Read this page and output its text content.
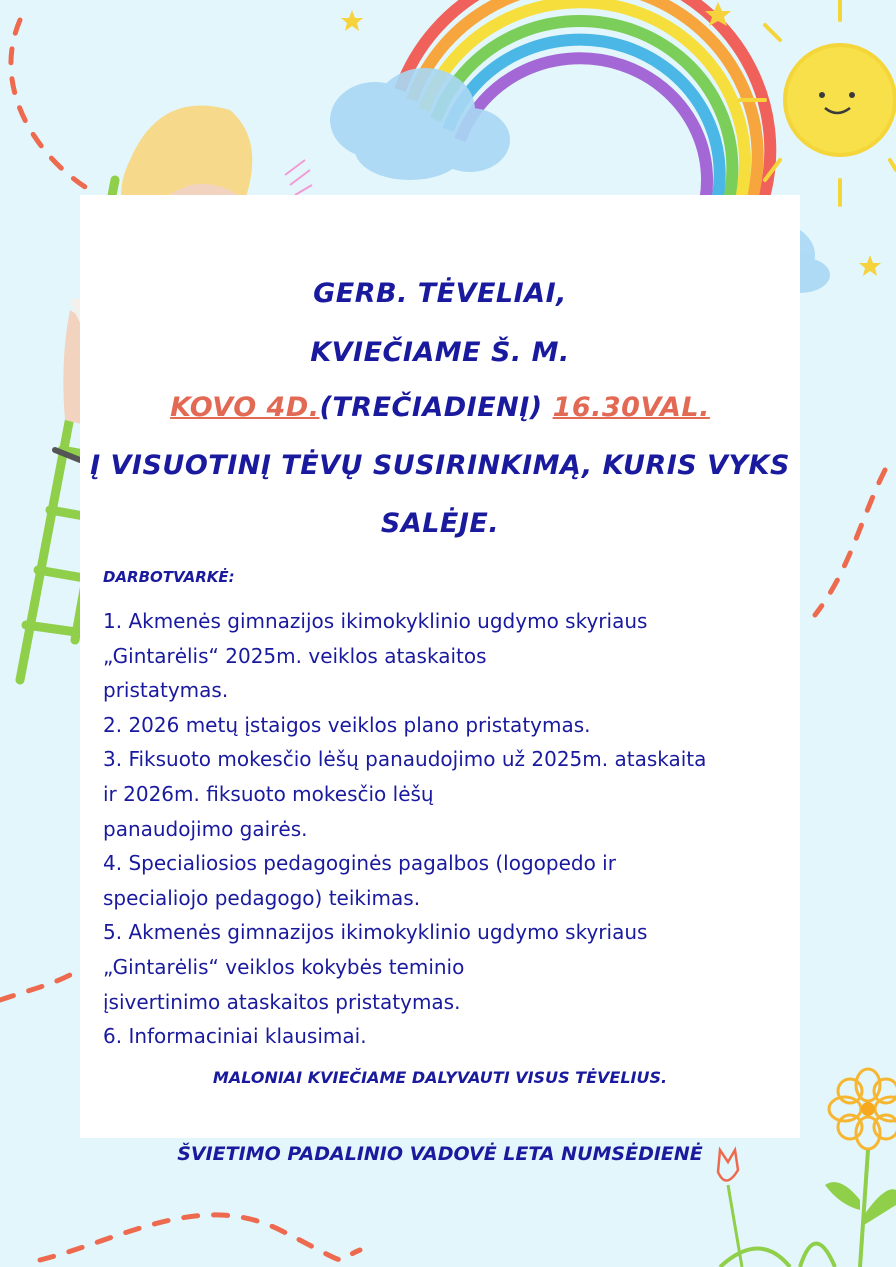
GERB. TĖVELIAI,
KVIEČIAME Š. M.
KOVO 4D.(TREČIADIENĮ) 16.30VAL.
Į VISUOTINĮ TĖVŲ SUSIRINKIMĄ, KURIS VYKS
SALĖJE.
DARBOTVARKĖ:
1. Akmenės gimnazijos ikimokyklinio ugdymo skyriaus
„Gintarėlis“ 2025m. veiklos ataskaitos
pristatymas.
2. 2026 metų įstaigos veiklos plano pristatymas.
3. Fiksuoto mokesčio lėšų panaudojimo už 2025m. ataskaita
ir 2026m. fiksuoto mokesčio lėšų
panaudojimo gairės.
4. Specialiosios pedagoginės pagalbos (logopedo ir
specialiojo pedagogo) teikimas.
5. Akmenės gimnazijos ikimokyklinio ugdymo skyriaus
„Gintarėlis“ veiklos kokybės teminio
įsivertinimo ataskaitos pristatymas.
6. Informaciniai klausimai.
MALONIAI KVIEČIAME DALYVAUTI VISUS TĖVELIUS.
ŠVIETIMO PADALINIO VADOVĖ LETA NUMSĖDIENĖ
